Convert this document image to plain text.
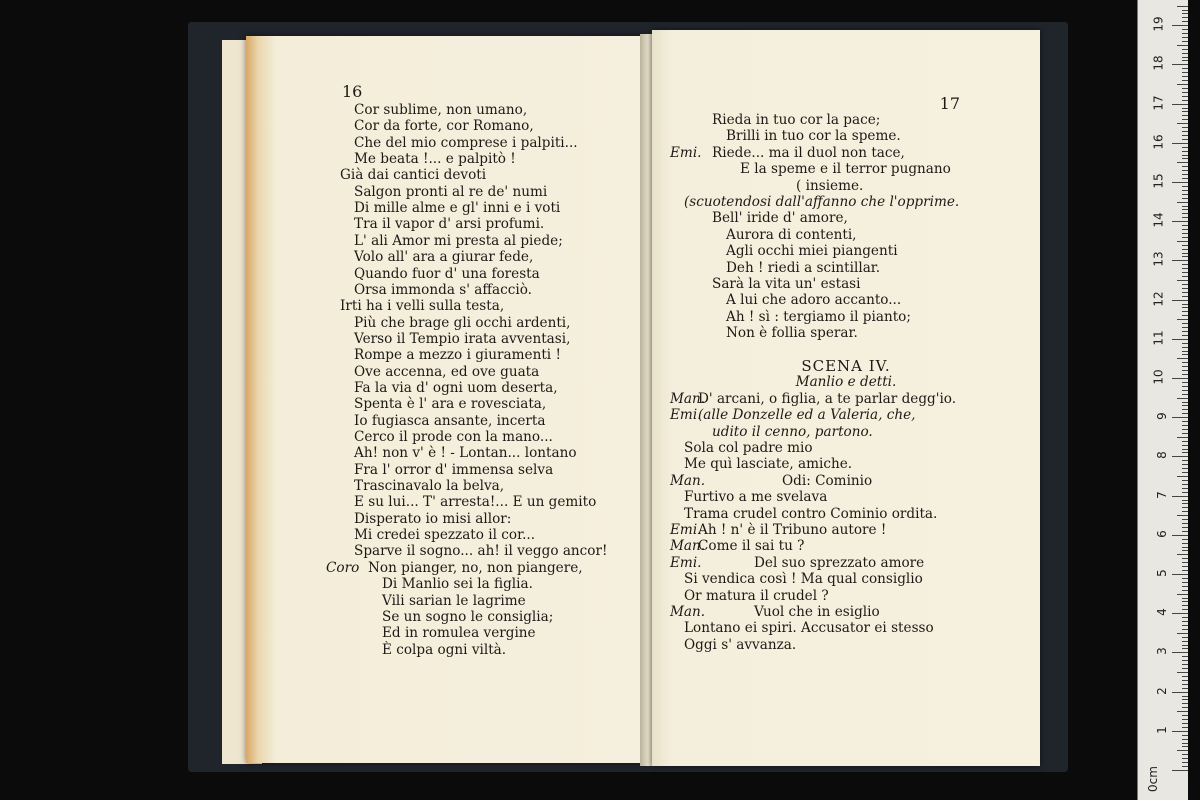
16
Cor sublime, non umano,
Cor da forte, cor Romano,
Che del mio comprese i palpiti...
Me beata !... e palpitò !
Già dai cantici devoti
Salgon pronti al re de' numi
Di mille alme e gl' inni e i voti
Tra il vapor d' arsi profumi.
L' ali Amor mi presta al piede;
Volo all' ara a giurar fede,
Quando fuor d' una foresta
Orsa immonda s' affacciò.
Irti ha i velli sulla testa,
Più che brage gli occhi ardenti,
Verso il Tempio irata avventasi,
Rompe a mezzo i giuramenti !
Ove accenna, ed ove guata
Fa la via d' ogni uom deserta,
Spenta è l' ara e rovesciata,
Io fugiasca ansante, incerta
Cerco il prode con la mano...
Ah! non v' è ! - Lontan... lontano
Fra l' orror d' immensa selva
Trascinavalo la belva,
E su lui... T' arresta!... E un gemito
Disperato io misi allor:
Mi credei spezzato il cor...
Sparve il sogno... ah! il veggo ancor!
Coro Non pianger, no, non piangere,
Di Manlio sei la figlia.
Vili sarian le lagrime
Se un sogno le consiglia;
Ed in romulea vergine
È colpa ogni viltà.
17
Rieda in tuo cor la pace;
Brilli in tuo cor la speme.
Emi. Riede... ma il duol non tace,
E la speme e il terror pugnano
( insieme.
(scuotendosi dall'affanno che l'opprime.
Bell' iride d' amore,
Aurora di contenti,
Agli occhi miei piangenti
Deh ! riedi a scintillar.
Sarà la vita un' estasi
A lui che adoro accanto...
Ah ! sì : tergiamo il pianto;
Non è follia sperar.
SCENA IV.
Manlio e detti.
Man.
D' arcani, o figlia, a te parlar degg'io.
Emi.
(alle Donzelle ed a Valeria, che,
udito il cenno, partono.
Sola col padre mio
Me quì lasciate, amiche.
Man.	Odi: Cominio
Furtivo a me svelava
Trama crudel contro Cominio ordita.
Emi.
Ah ! n' è il Tribuno autore !
Man.
Come il sai tu ?
Emi.	Del suo sprezzato amore
Si vendica così ! Ma qual consiglio
Or matura il crudel ?
Man.	Vuol che in esiglio
Lontano ei spiri. Accusator ei stesso
Oggi s' avvanza.
1
2
3
4
5
6
7
8
9
10
11
12
13
14
15
16
17
18
19
0cm
